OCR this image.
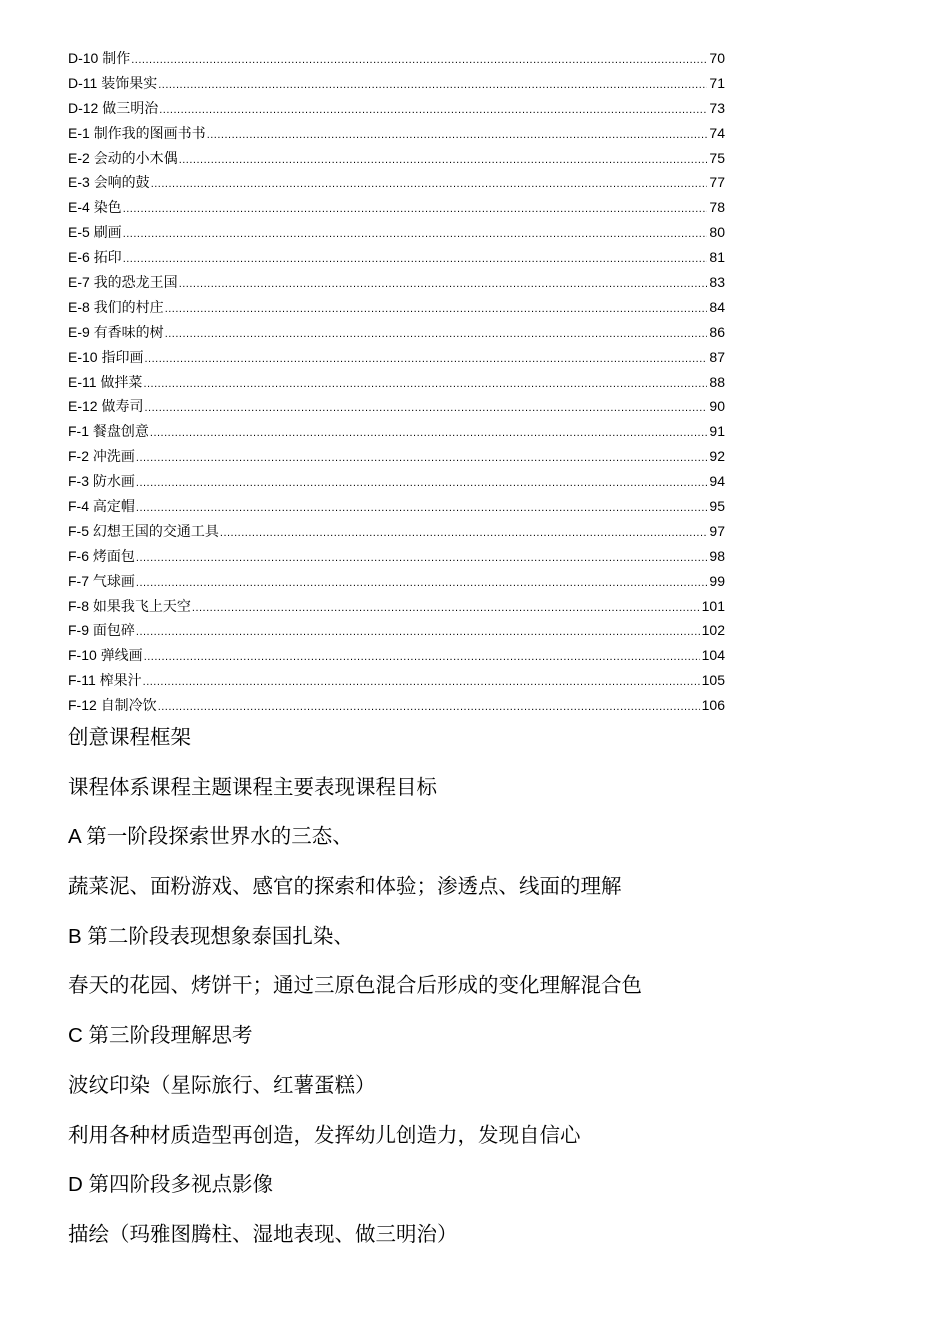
D-10 制作 .....	70
D-11 装饰果实 .....	71
D-12 做三明治 .....	73
E-1 制作我的图画书书 .....	74
E-2 会动的小木偶 .....	75
E-3 会响的鼓 .....	77
E-4 染色 .....	78
E-5 刷画 .....	80
E-6 拓印 .....	81
E-7 我的恐龙王国 .....	83
E-8 我们的村庄 .....	84
E-9 有香味的树 .....	86
E-10 指印画 .....	87
E-11 做拌菜 .....	88
E-12 做寿司 .....	90
F-1 餐盘创意 .....	91
F-2 冲洗画 .....	92
F-3 防水画 .....	94
F-4 高定帽 .....	95
F-5 幻想王国的交通工具 .....	97
F-6 烤面包 .....	98
F-7 气球画 .....	99
F-8 如果我飞上天空 .....	101
F-9 面包碎 .....	102
F-10 弹线画 .....	104
F-11 榨果汁 .....	105
F-12 自制冷饮 .....	106
创意课程框架
课程体系课程主题课程主要表现课程目标
A 第一阶段探索世界水的三态、
蔬菜泥、面粉游戏、感官的探索和体验；渗透点、线面的理解
B 第二阶段表现想象泰国扎染、
春天的花园、烤饼干；通过三原色混合后形成的变化理解混合色
C 第三阶段理解思考
波纹印染（星际旅行、红薯蛋糕）
利用各种材质造型再创造，发挥幼儿创造力，发现自信心
D 第四阶段多视点影像
描绘（玛雅图腾柱、湿地表现、做三明治）
